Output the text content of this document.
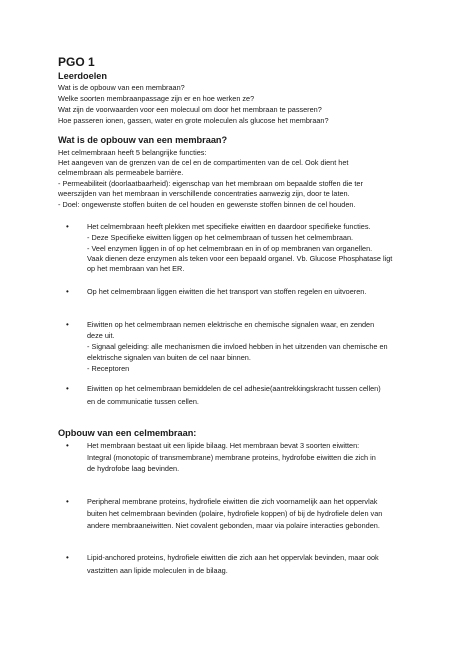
PGO 1
Leerdoelen
Wat is de opbouw van een membraan?
Welke soorten membraanpassage zijn er en hoe werken ze?
Wat zijn de voorwaarden voor een molecuul om door het membraan te passeren?
Hoe passeren ionen, gassen, water en grote moleculen als glucose het membraan?
Wat is de opbouw van een membraan?
Het celmembraan heeft 5 belangrijke functies:
Het aangeven van de grenzen van de cel en de compartimenten van de cel. Ook dient het
celmembraan als permeabele barrière.
- Permeabiliteit (doorlaatbaarheid): eigenschap van het membraan om bepaalde stoffen die ter
weerszijden van het membraan in verschillende concentraties aanwezig zijn, door te laten.
- Doel: ongewenste stoffen buiten de cel houden en gewenste stoffen binnen de cel houden.
• Het celmembraan heeft plekken met specifieke eiwitten en daardoor specifieke functies.
- Deze Specifieke eiwitten liggen op het celmembraan of tussen het celmembraan.
- Veel enzymen liggen in of op het celmembraan en in of op membranen van organellen.
Vaak dienen deze enzymen als teken voor een bepaald organel. Vb. Glucose Phosphatase ligt
op het membraan van het ER.
• Op het celmembraan liggen eiwitten die het transport van stoffen regelen en uitvoeren.
• Eiwitten op het celmembraan nemen elektrische en chemische signalen waar, en zenden
deze uit.
- Signaal geleiding: alle mechanismen die invloed hebben in het uitzenden van chemische en
elektrische signalen van buiten de cel naar binnen.
- Receptoren
• Eiwitten op het celmembraan bemiddelen de cel adhesie(aantrekkingskracht tussen cellen)
en de communicatie tussen cellen.
Opbouw van een celmembraan:
• Het membraan bestaat uit een lipide bilaag. Het membraan bevat 3 soorten eiwitten:
Integral (monotopic of transmembrane) membrane proteins, hydrofobe eiwitten die zich in
de hydrofobe laag bevinden.
• Peripheral membrane proteins, hydrofiele eiwitten die zich voornamelijk aan het oppervlak
buiten het celmembraan bevinden (polaire, hydrofiele koppen) of bij de hydrofiele delen van
andere membraaneiwitten. Niet covalent gebonden, maar via polaire interacties gebonden.
• Lipid-anchored proteins, hydrofiele eiwitten die zich aan het oppervlak bevinden, maar ook
vastzitten aan lipide moleculen in de bilaag.
